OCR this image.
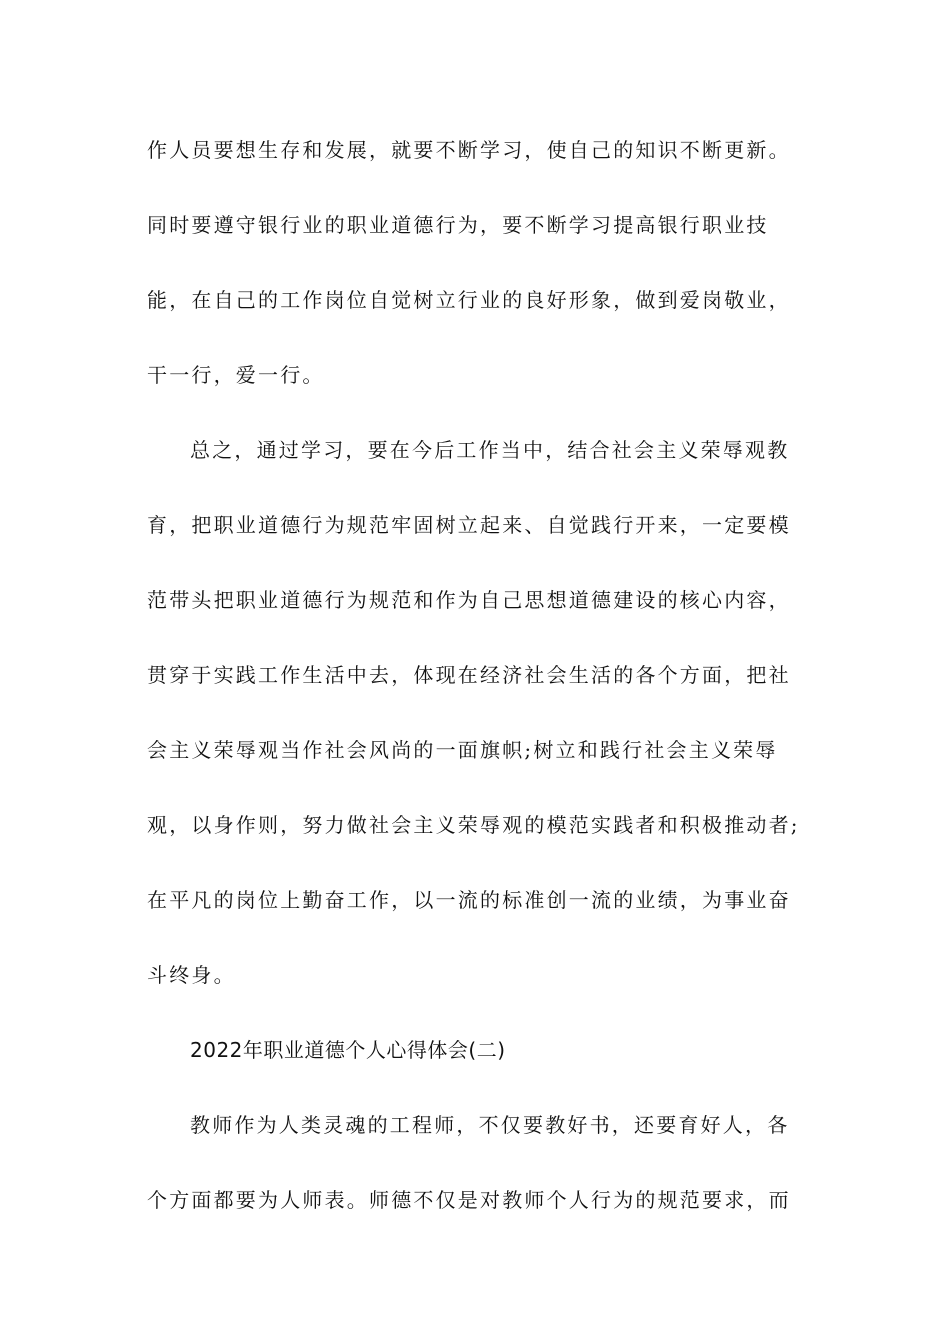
作人员要想生存和发展，就要不断学习，使自己的知识不断更新。
同时要遵守银行业的职业道德行为，要不断学习提高银行职业技
能，在自己的工作岗位自觉树立行业的良好形象，做到爱岗敬业，
干一行，爱一行。
总之，通过学习，要在今后工作当中，结合社会主义荣辱观教
育，把职业道德行为规范牢固树立起来、自觉践行开来，一定要模
范带头把职业道德行为规范和作为自己思想道德建设的核心内容，
贯穿于实践工作生活中去，体现在经济社会生活的各个方面，把社
会主义荣辱观当作社会风尚的一面旗帜;树立和践行社会主义荣辱
观，以身作则，努力做社会主义荣辱观的模范实践者和积极推动者;
在平凡的岗位上勤奋工作，以一流的标准创一流的业绩，为事业奋
斗终身。
2022年职业道德个人心得体会(二)
教师作为人类灵魂的工程师，不仅要教好书，还要育好人，各
个方面都要为人师表。师德不仅是对教师个人行为的规范要求，而
